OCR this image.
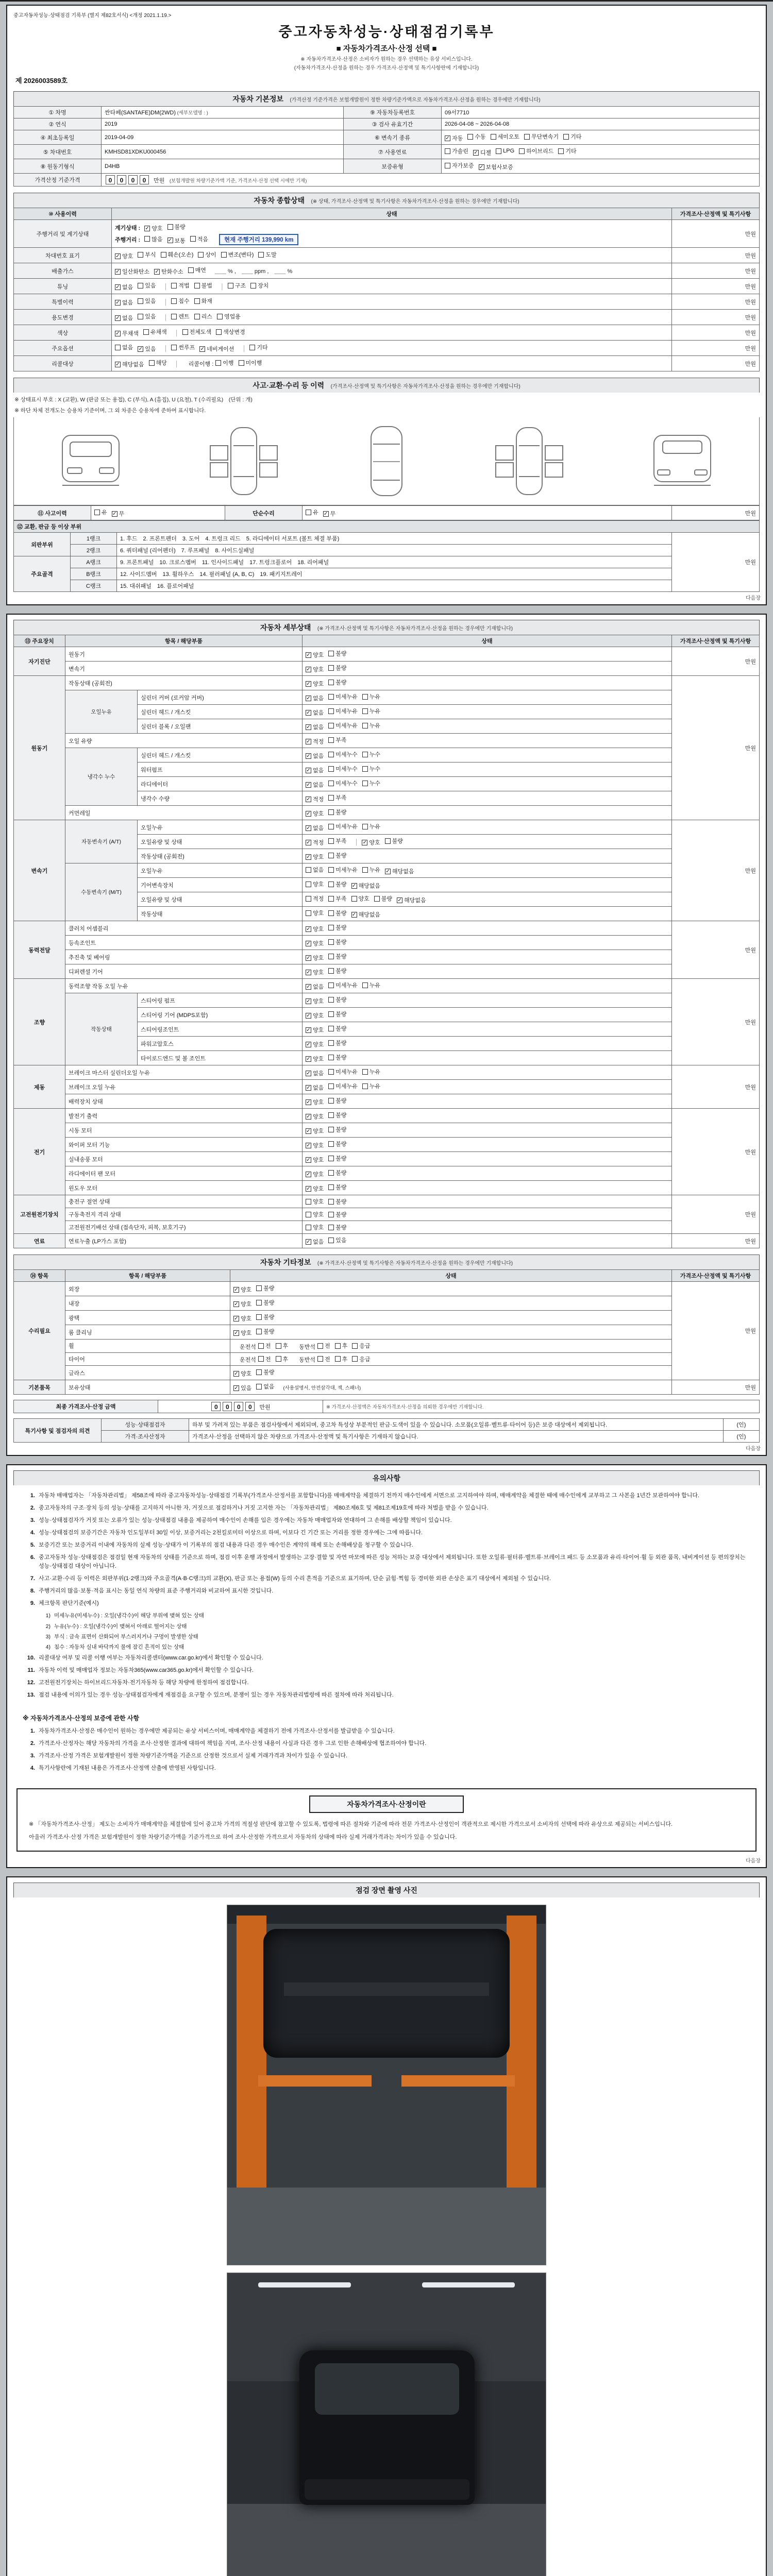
중고자동차성능·상태점검 기록부 (별지 제82호서식) <개정 2021.1.19.>
중고자동차성능·상태점검기록부
■ 자동차가격조사·산정 선택 ■
※ 자동차가격조사·산정은 소비자가 원하는 경우 선택하는 유상 서비스입니다.
(자동차가격조사·산정을 원하는 경우 가격조사·산정액 및 특기사항란에 기재합니다)
제 2026003589호
자동차 기본정보 (가격산정 기준가격은 보험개발원이 정한 차량기준가액으로 자동차가격조사·산정을 원하는 경우에만 기재합니다)
① 차명	싼타페(SANTAFE)DM(2WD) (세부모델명 : )	⑨ 자동차등록번호	09서7710
② 연식	2019	③ 검사 유효기간	2026-04-08 ~ 2026-04-08
④ 최초등록일	2019-04-09	⑥ 변속기 종류	✓ 자동 수동 세미오토 무단변속기 기타

⑤ 차대번호	KMHSD81XDKU000456	⑦ 사용연료	가솔린 ✓ 디젤 LPG 하이브리드 기타

⑧ 원동기형식	D4HB	보증유형	자가보증 ✓ 보험사보증

가격산정 기준가격	0 0 0 0 만원　(보험개발원 차량기준가액 기준, 가격조사·산정 선택 시에만 기재)		
자동차 종합상태 (※ 상태, 가격조사·산정액 및 특기사항은 자동차가격조사·산정을 원하는 경우에만 기재합니다)
⑩ 사용이력	상태	가격조사·산정액 및 특기사항
주행거리 및 계기상태	
계기상태 : ✓ 양호 불량
주행거리 : 많음 ✓ 보통 적음	현재 주행거리 139,990 km
	만원
차대번호 표기	✓ 양호 부식 훼손(오손) 상이 변조(변타) 도말	만원
배출가스	✓ 일산화탄소 ✓ 탄화수소 매연 ＿＿ % ,　＿＿ ppm ,　＿＿ %	만원
튜닝	✓ 없음 있음 │ 적법 불법 │ 구조 장치	만원
특별이력	✓ 없음 있음 │ 침수 화재	만원
용도변경	✓ 없음 있음 │ 렌트 리스 영업용	만원
색상	✓ 무채색 유채색 │ 전체도색 색상변경	만원
주요옵션	없음 ✓ 있음 │ 썬루프 ✓ 네비게이션 │ 기타	만원
리콜대상	✓ 해당없음 해당 │ 리콜이행 : 이행 미이행	만원
사고·교환·수리 등 이력 (가격조사·산정액 및 특기사항은 자동차가격조사·산정을 원하는 경우에만 기재합니다)
※ 상태표시 부호 : X (교환), W (판금 또는 용접), C (부식), A (흠집), U (요철), T (수리필요)　(단위 : 개)
※ 하단 차체 전개도는 승용차 기준이며, 그 외 차종은 승용차에 준하여 표시합니다.
⑪ 사고이력	유 ✓ 무	단순수리	유 ✓ 무	만원
⑫ 교환, 판금 등 이상 부위			
외판부위	1랭크	1. 후드　2. 프론트펜더　3. 도어　4. 트렁크 리드　5. 라디에이터 서포트 (볼트 체결 부품)	만원
	2랭크	6. 쿼터패널 (리어펜더)　7. 루프패널　8. 사이드실패널	
주요골격	A랭크	9. 프론트패널　10. 크로스멤버　11. 인사이드패널　17. 트렁크플로어　18. 리어패널	
	B랭크	12. 사이드멤버　13. 휠하우스　14. 필러패널 (A, B, C)　19. 패키지트레이	
	C랭크	15. 대쉬패널　16. 플로어패널	
다음장
자동차 세부상태 (※ 가격조사·산정액 및 특기사항은 자동차가격조사·산정을 원하는 경우에만 기재합니다)
⑬ 주요장치	항목 / 해당부품		상태	가격조사·산정액 및 특기사항
자기진단	원동기		✓ 양호 불량	만원
	변속기		✓ 양호 불량	

원동기	작동상태 (공회전)		✓ 양호 불량	만원
	오일누유	실린더 커버 (로커암 커버)	✓ 없음 미세누유 누유	

		실린더 헤드 / 개스킷	✓ 없음 미세누유 누유	

		실린더 블록 / 오일팬	✓ 없음 미세누유 누유	

	오일 유량		✓ 적정 부족	

	냉각수 누수	실린더 헤드 / 개스킷	✓ 없음 미세누수 누수	

		워터펌프	✓ 없음 미세누수 누수	

		라디에이터	✓ 없음 미세누수 누수	

		냉각수 수량	✓ 적정 부족	

	커먼레일		✓ 양호 불량	

변속기	자동변속기 (A/T)	오일누유	✓ 없음 미세누유 누유	만원
오일유량 및 상태	✓ 적정 부족 │ ✓ 양호 불량

		작동상태 (공회전)	✓ 양호 불량	

	수동변속기 (M/T)	오일누유	없음 미세누유 누유 ✓ 해당없음	

		기어변속장치	양호 불량 ✓ 해당없음	

오일유량 및 상태	적정 부족 양호 불량 ✓ 해당없음

		작동상태	양호 불량 ✓ 해당없음	

동력전달	클러치 어셈블리		✓ 양호 불량	만원
	등속조인트		✓ 양호 불량	

	추진축 및 베어링		✓ 양호 불량	

	디퍼렌셜 기어		✓ 양호 불량	

조향	동력조향 작동 오일 누유		✓ 없음 미세누유 누유	만원
	작동상태	스티어링 펌프	✓ 양호 불량	

		스티어링 기어 (MDPS포함)	✓ 양호 불량	

		스티어링조인트	✓ 양호 불량	

		파워고압호스	✓ 양호 불량	

		타이로드엔드 및 볼 조인트	✓ 양호 불량	

제동	브레이크 마스터 실린더오일 누유		✓ 없음 미세누유 누유	만원
	브레이크 오일 누유		✓ 없음 미세누유 누유	

	배력장치 상태		✓ 양호 불량	

전기	발전기 출력		✓ 양호 불량	만원
	시동 모터		✓ 양호 불량	

	와이퍼 모터 기능		✓ 양호 불량	

	실내송풍 모터		✓ 양호 불량	

	라디에이터 팬 모터		✓ 양호 불량	

	윈도우 모터		✓ 양호 불량	

고전원전기장치	충전구 절연 상태		양호 불량	만원
	구동축전지 격리 상태		양호 불량	

	고전원전기배선 상태 (접속단자, 피복, 보호기구)		양호 불량	

연료	연료누출 (LP가스 포함)		✓ 없음 있음	만원
자동차 기타정보 (※ 가격조사·산정액 및 특기사항은 자동차가격조사·산정을 원하는 경우에만 기재합니다)
⑭ 항목	항목 / 해당부품	상태	가격조사·산정액 및 특기사항
수리필요	외장	✓ 양호 불량	만원
	내장	✓ 양호 불량	

	광택	✓ 양호 불량	

	룸 클리닝	✓ 양호 불량	

휠	운전석 전 후 동반석 전 후 응급

타이어	운전석 전 후 동반석 전 후 응급

	글라스	✓ 양호 불량	

기본품목	보유상태	✓ 있음 없음 (사용설명서, 안전삼각대, 잭, 스패너)	만원
최종 가격조사·산정 금액	0 0 0 0 만원	※ 가격조사·산정액은 자동차가격조사·산정을 의뢰한 경우에만 기재합니다.
특기사항 및 점검자의 의견	성능·상태점검자	하부 및 가려져 있는 부품은 점검사항에서 제외되며, 중고차 특성상 부분적인 판금·도색이 있을 수 있습니다. 소모품(오일류·벨트류·타이어 등)은 보증 대상에서 제외됩니다.	(인)
	가격·조사산정자	가격조사·산정을 선택하지 않은 차량으로 가격조사·산정액 및 특기사항은 기재하지 않습니다.	(인)
다음장
유의사항
1. 자동차 매매업자는 「자동차관리법」 제58조에 따라 중고자동차성능·상태점검 기록부(가격조사·산정서를 포함합니다)를 매매계약을 체결하기 전까지 매수인에게 서면으로 고지하여야 하며, 매매계약을 체결한 때에 매수인에게 교부하고 그 사본을 1년간 보관하여야 합니다.
2. 중고자동차의 구조·장치 등의 성능·상태를 고지하지 아니한 자, 거짓으로 점검하거나 거짓 고지한 자는 「자동차관리법」 제80조제6호 및 제81조제19호에 따라 처벌을 받을 수 있습니다.
3. 성능·상태점검자가 거짓 또는 오류가 있는 성능·상태점검 내용을 제공하여 매수인이 손해를 입은 경우에는 자동차 매매업자와 연대하여 그 손해를 배상할 책임이 있습니다.
4. 성능·상태점검의 보증기간은 자동차 인도일부터 30일 이상, 보증거리는 2천킬로미터 이상으로 하며, 이보다 긴 기간 또는 거리를 정한 경우에는 그에 따릅니다.
5. 보증기간 또는 보증거리 이내에 자동차의 실제 성능·상태가 이 기록부의 점검 내용과 다른 경우 매수인은 계약의 해제 또는 손해배상을 청구할 수 있습니다.
6. 중고자동차 성능·상태점검은 점검일 현재 자동차의 상태를 기준으로 하며, 점검 이후 운행 과정에서 발생하는 고장·결함 및 자연 마모에 따른 성능 저하는 보증 대상에서 제외됩니다. 또한 오일류·필터류·벨트류·브레이크 패드 등 소모품과 유리·타이어·휠 등 외관 품목, 내비게이션 등 편의장치는 성능·상태점검 대상이 아닙니다.
7. 사고·교환·수리 등 이력은 외판부위(1·2랭크)와 주요골격(A·B·C랭크)의 교환(X), 판금 또는 용접(W) 등의 수리 흔적을 기준으로 표기하며, 단순 긁힘·찍힘 등 경미한 외관 손상은 표기 대상에서 제외될 수 있습니다.
8. 주행거리의 많음·보통·적음 표시는 동일 연식 차량의 표준 주행거리와 비교하여 표시한 것입니다.
9. 체크항목 판단기준(예시)
1) 미세누유(미세누수) : 오일(냉각수)이 해당 부위에 맺혀 있는 상태
2) 누유(누수) : 오일(냉각수)이 맺혀서 아래로 떨어지는 상태
3) 부식 : 금속 표면이 산화되어 부스러지거나 구멍이 발생한 상태
4) 침수 : 자동차 실내 바닥까지 물에 잠긴 흔적이 있는 상태
10. 리콜대상 여부 및 리콜 이행 여부는 자동차리콜센터(www.car.go.kr)에서 확인할 수 있습니다.
11. 자동차 이력 및 매매업자 정보는 자동차365(www.car365.go.kr)에서 확인할 수 있습니다.
12. 고전원전기장치는 하이브리드자동차·전기자동차 등 해당 차량에 한정하여 점검합니다.
13. 점검 내용에 이의가 있는 경우 성능·상태점검자에게 재점검을 요구할 수 있으며, 분쟁이 있는 경우 자동차관리법령에 따른 절차에 따라 처리됩니다.
※ 자동차가격조사·산정의 보증에 관한 사항
1. 자동차가격조사·산정은 매수인이 원하는 경우에만 제공되는 유상 서비스이며, 매매계약을 체결하기 전에 가격조사·산정서를 발급받을 수 있습니다.
2. 가격조사·산정자는 해당 자동차의 가격을 조사·산정한 결과에 대하여 책임을 지며, 조사·산정 내용이 사실과 다른 경우 그로 인한 손해배상에 협조하여야 합니다.
3. 가격조사·산정 가격은 보험개발원이 정한 차량기준가액을 기준으로 산정한 것으로서 실제 거래가격과 차이가 있을 수 있습니다.
4. 특기사항란에 기재된 내용은 가격조사·산정액 산출에 반영된 사항입니다.
자동차가격조사·산정이란
※ 「자동차가격조사·산정」 제도는 소비자가 매매계약을 체결함에 있어 중고차 가격의 적절성 판단에 참고할 수 있도록, 법령에 따른 절차와 기준에 따라 전문 가격조사·산정인이 객관적으로 제시한 가격으로서 소비자의 선택에 따라 유상으로 제공되는 서비스입니다.
아울러 가격조사·산정 가격은 보험개발원이 정한 차량기준가액을 기준가격으로 하여 조사·산정한 가격으로서 자동차의 상태에 따라 실제 거래가격과는 차이가 있을 수 있습니다.
다음장
점검 장면 촬영 사진
